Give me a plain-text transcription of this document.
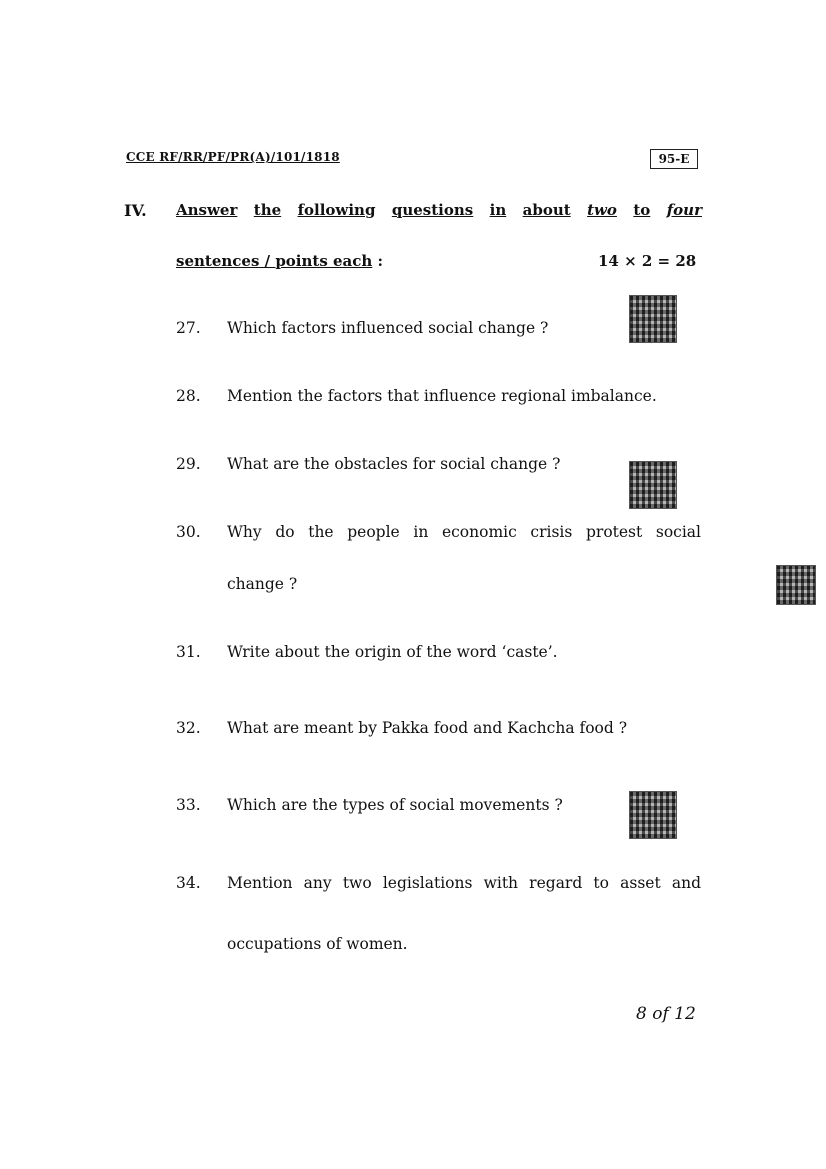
CCE RF/RR/PF/PR(A)/101/1818	95-E
IV. Answer the following questions in about two to four
sentences / points each :	14 × 2 = 28
27. Which factors influenced social change ?
28. Mention the factors that influence regional imbalance.
29. What are the obstacles for social change ?
30. Why do the people in economic crisis protest social
change ?
31. Write about the origin of the word ‘caste’.
32. What are meant by Pakka food and Kachcha food ?
33. Which are the types of social movements ?
34. Mention any two legislations with regard to asset and
occupations of women.
8 of 12
